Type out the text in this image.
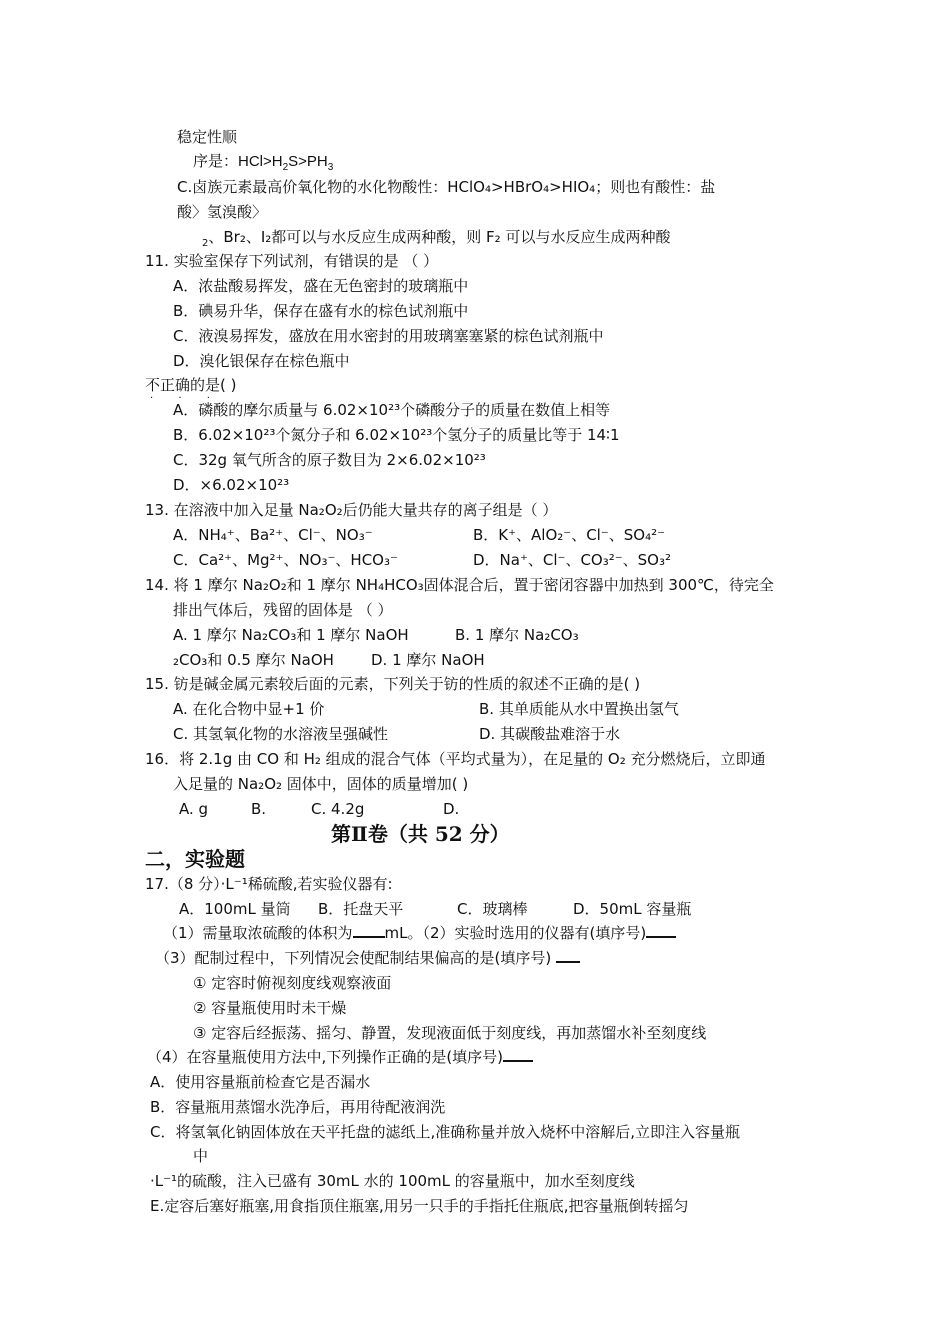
稳定性顺
序是：$HCl>H_2S>PH_3$
C.卤族元素最高价氧化物的水化物酸性：HClO₄>HBrO₄>HIO₄；则也有酸性：盐
酸〉氢溴酸〉
$_2$、Br₂、I₂都可以与水反应生成两种酸，则 F₂ 可以与水反应生成两种酸
11. 实验室保存下列试剂，有错误的是 （ ）
A．浓盐酸易挥发，盛在无色密封的玻璃瓶中
B．碘易升华，保存在盛有水的棕色试剂瓶中
C．液溴易挥发，盛放在用水密封的用玻璃塞塞紧的棕色试剂瓶中
D．溴化银保存在棕色瓶中
不正确的是( )
· · ·
A．磷酸的摩尔质量与 6.02×10²³个磷酸分子的质量在数值上相等
B．6.02×10²³个氮分子和 6.02×10²³个氢分子的质量比等于 14∶1
C．32g 氧气所含的原子数目为 2×6.02×10²³
D．×6.02×10²³
13. 在溶液中加入足量 Na₂O₂后仍能大量共存的离子组是（ ）
A．NH₄⁺、Ba²⁺、Cl⁻、NO₃⁻	B．K⁺、AlO₂⁻、Cl⁻、SO₄²⁻
C．Ca²⁺、Mg²⁺、NO₃⁻、HCO₃⁻	D．Na⁺、Cl⁻、CO₃²⁻、SO₃²
14. 将 1 摩尔 Na₂O₂和 1 摩尔 NH₄HCO₃固体混合后，置于密闭容器中加热到 300℃，待完全
排出气体后，残留的固体是 （ ）
A. 1 摩尔 Na₂CO₃和 1 摩尔 NaOH	B. 1 摩尔 Na₂CO₃
₂CO₃和 0.5 摩尔 NaOH D. 1 摩尔 NaOH
15. 钫是碱金属元素较后面的元素，下列关于钫的性质的叙述不正确的是( )
A. 在化合物中显+1 价	B. 其单质能从水中置换出氢气
C. 其氢氧化物的水溶液呈强碱性	D. 其碳酸盐难溶于水
16．将 2.1g 由 CO 和 H₂ 组成的混合气体（平均式量为），在足量的 O₂ 充分燃烧后，立即通
入足量的 Na₂O₂ 固体中，固体的质量增加( )
A. g	B.	C. 4.2g	D.
第Ⅱ卷（共 52 分）
二，实验题
17.（8 分）·L⁻¹稀硫酸,若实验仪器有:
A．100mL 量筒 B．托盘天平	C．玻璃棒	D．50mL 容量瓶
（1）需量取浓硫酸的体积为 mL。（2）实验时选用的仪器有(填序号)
（3）配制过程中，下列情况会使配制结果偏高的是(填序号)
① 定容时俯视刻度线观察液面
② 容量瓶使用时未干燥
③ 定容后经振荡、摇匀、静置，发现液面低于刻度线，再加蒸馏水补至刻度线
（4）在容量瓶使用方法中,下列操作正确的是(填序号)
A．使用容量瓶前检查它是否漏水
B．容量瓶用蒸馏水洗净后，再用待配液润洗
C．将氢氧化钠固体放在天平托盘的滤纸上,准确称量并放入烧杯中溶解后,立即注入容量瓶
中
·L⁻¹的硫酸，注入已盛有 30mL 水的 100mL 的容量瓶中，加水至刻度线
E.定容后塞好瓶塞,用食指顶住瓶塞,用另一只手的手指托住瓶底,把容量瓶倒转摇匀
